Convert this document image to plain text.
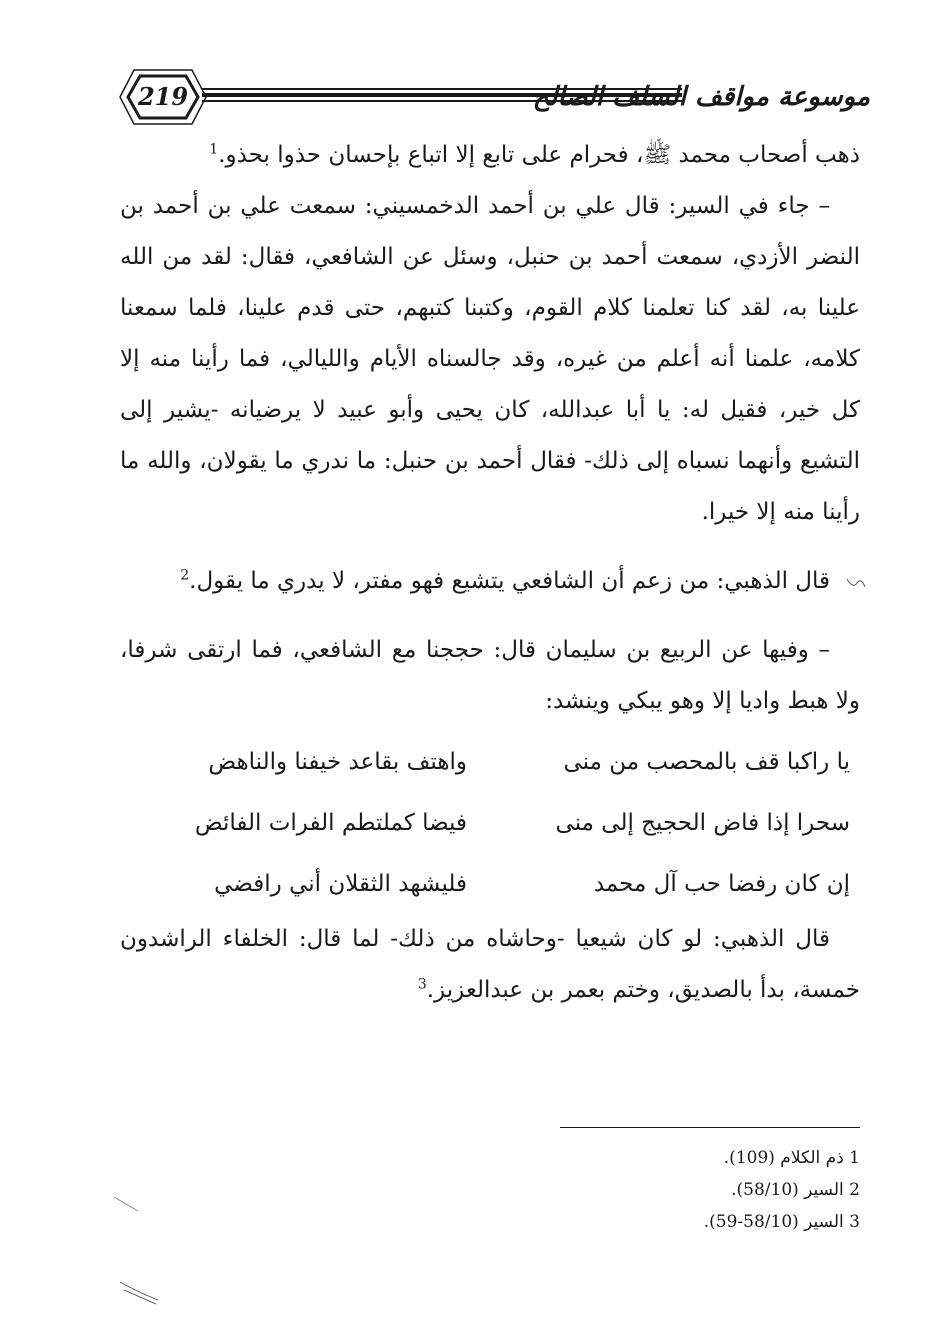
219	موسوعة مواقف السلف الصالح

ذهب أصحاب محمد ﷺ، فحرام على تابع إلا اتباع بإحسان حذوا بحذو.$^1$

– جاء في السير: قال علي بن أحمد الدخمسيني: سمعت علي بن أحمد بن النضر الأزدي، سمعت أحمد بن حنبل، وسئل عن الشافعي، فقال: لقد من الله علينا به، لقد كنا تعلمنا كلام القوم، وكتبنا كتبهم، حتى قدم علينا، فلما سمعنا كلامه، علمنا أنه أعلم من غيره، وقد جالسناه الأيام والليالي، فما رأينا منه إلا كل خير، فقيل له: يا أبا عبدالله، كان يحيى وأبو عبيد لا يرضيانه -يشير إلى التشيع وأنهما نسباه إلى ذلك- فقال أحمد بن حنبل: ما ندري ما يقولان، والله ما رأينا منه إلا خيرا.

قال الذهبي: من زعم أن الشافعي يتشيع فهو مفتر، لا يدري ما يقول.$^2$

– وفيها عن الربيع بن سليمان قال: حججنا مع الشافعي، فما ارتقى شرفا، ولا هبط واديا إلا وهو يبكي وينشد:

يا راكبا قف بالمحصب من منى
واهتف بقاعد خيفنا والناهض
سحرا إذا فاض الحجيج إلى منى
فيضا كملتطم الفرات الفائض
إن كان رفضا حب آل محمد
فليشهد الثقلان أني رافضي

قال الذهبي: لو كان شيعيا -وحاشاه من ذلك- لما قال: الخلفاء الراشدون خمسة، بدأ بالصديق، وختم بعمر بن عبدالعزيز.$^3$

1 ذم الكلام (109).
2 السير (58/10).
3 السير (58/10-59).
